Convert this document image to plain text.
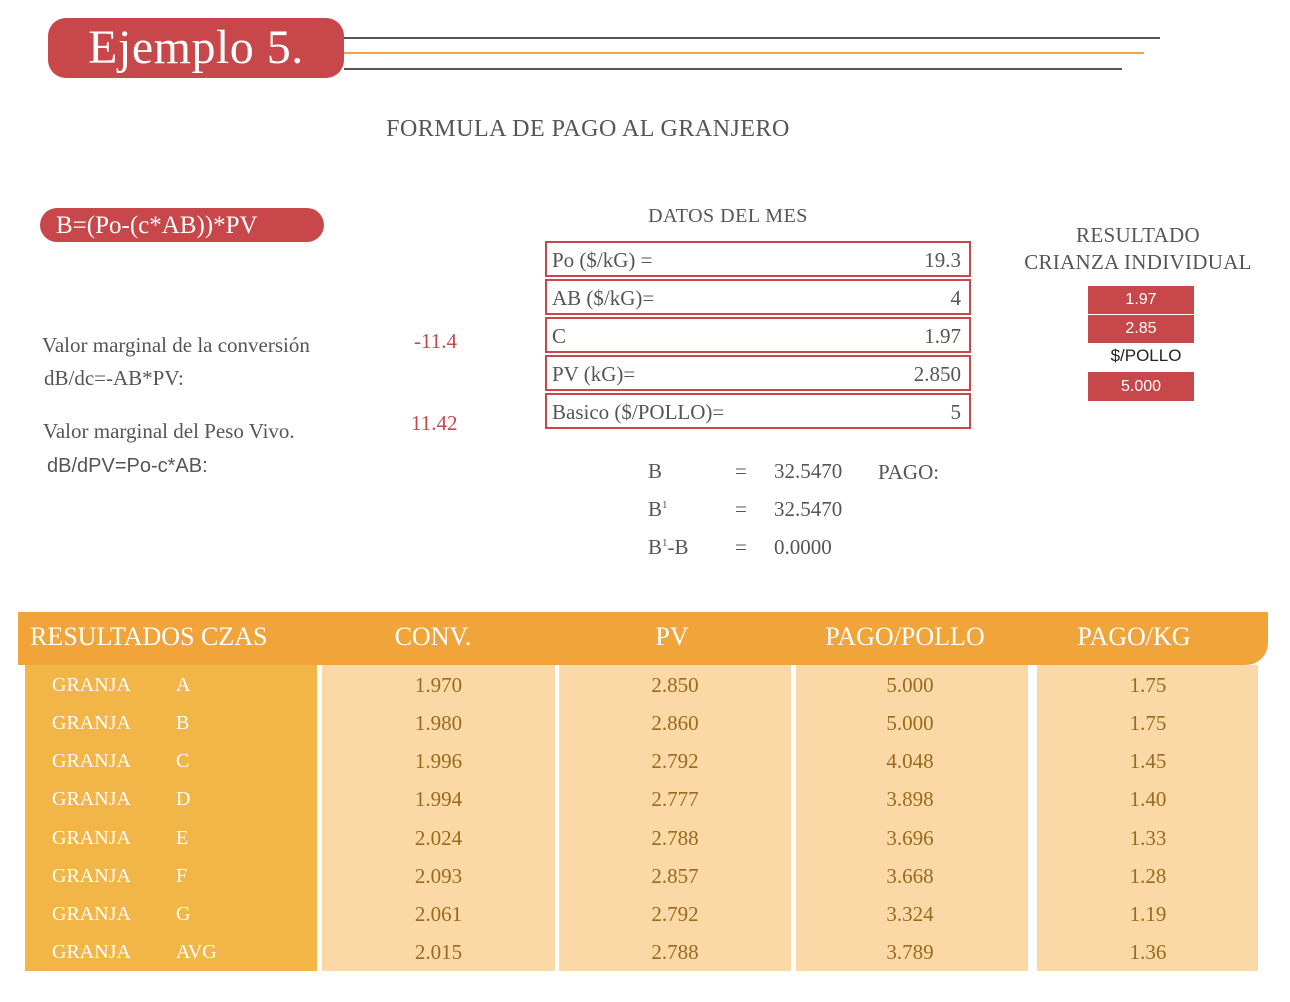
Ejemplo 5.
FORMULA DE PAGO AL GRANJERO
B=(Po-(c*AB))*PV
Valor marginal de la conversión
dB/dc=-AB*PV:
-11.4
Valor marginal del Peso Vivo.
dB/dPV=Po-c*AB:
11.42
DATOS DEL MES
Po ($/kG) =	19.3
AB ($/kG)=	4
C	1.97
PV (kG)=	2.850
Basico ($/POLLO)=	5
RESULTADO
CRIANZA INDIVIDUAL
1.97
2.85
$/POLLO
5.000
B	= 32.5470 PAGO:
$B^1$	= 32.5470
$B^1-B = 0.0000$
RESULTADOS CZAS	CONV.	PV	PAGO/POLLO	PAGO/KG
GRANJA A	1.970	2.850	5.000	1.75
GRANJA B	1.980	2.860	5.000	1.75
GRANJA C	1.996	2.792	4.048	1.45
GRANJA D	1.994	2.777	3.898	1.40
GRANJA E	2.024	2.788	3.696	1.33
GRANJA F	2.093	2.857	3.668	1.28
GRANJA G	2.061	2.792	3.324	1.19
GRANJA AVG	2.015	2.788	3.789	1.36
